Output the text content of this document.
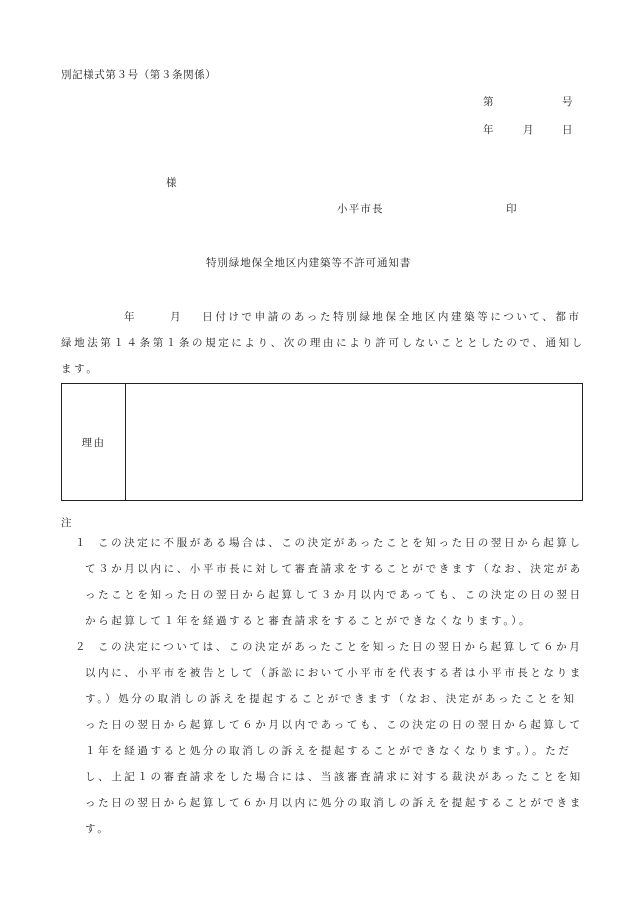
別記様式第３号（第３条関係）
第	号
年	月	日
様
小平市長	印
特別緑地保全地区内建築等不許可通知書
年	月 日付けで申請のあった特別緑地保全地区内建築等について、都市
緑地法第１４条第１条の規定により、次の理由により許可しないこととしたので、通知し
ます。
理由
注
１ この決定に不服がある場合は、この決定があったことを知った日の翌日から起算し
て３か月以内に、小平市長に対して審査請求をすることができます（なお、決定があ
ったことを知った日の翌日から起算して３か月以内であっても、この決定の日の翌日
から起算して１年を経過すると審査請求をすることができなくなります。）。
２ この決定については、この決定があったことを知った日の翌日から起算して６か月
以内に、小平市を被告として（訴訟において小平市を代表する者は小平市長となりま
す。）処分の取消しの訴えを提起することができます（なお、決定があったことを知
った日の翌日から起算して６か月以内であっても、この決定の日の翌日から起算して
１年を経過すると処分の取消しの訴えを提起することができなくなります。）。ただ
し、上記１の審査請求をした場合には、当該審査請求に対する裁決があったことを知
った日の翌日から起算して６か月以内に処分の取消しの訴えを提起することができま
す。
